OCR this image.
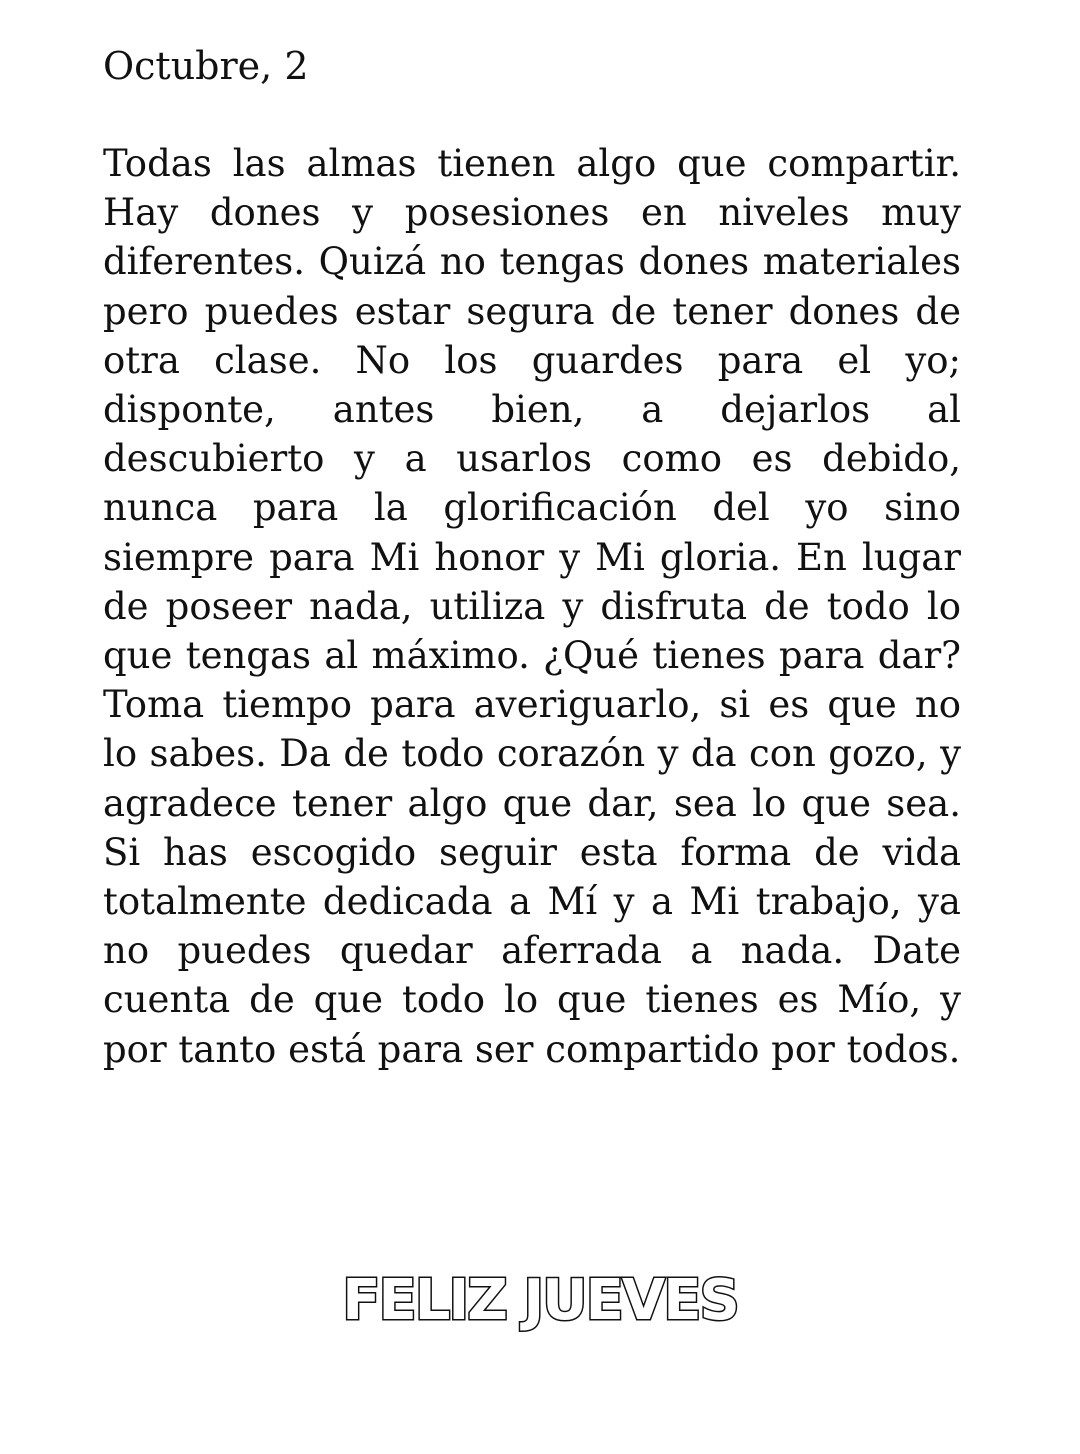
Octubre, 2

Todas las almas tienen algo que compartir. Hay dones y posesiones en niveles muy diferentes. Quizá no tengas dones materiales pero puedes estar segura de tener dones de otra clase. No los guardes para el yo; disponte, antes bien, a dejarlos al descubierto y a usarlos como es debido, nunca para la glorificación del yo sino siempre para Mi honor y Mi gloria. En lugar de poseer nada, utiliza y disfruta de todo lo que tengas al máximo. ¿Qué tienes para dar? Toma tiempo para averiguarlo, si es que no lo sabes. Da de todo corazón y da con gozo, y agradece tener algo que dar, sea lo que sea. Si has escogido seguir esta forma de vida totalmente dedicada a Mí y a Mi trabajo, ya no puedes quedar aferrada a nada. Date cuenta de que todo lo que tienes es Mío, y por tanto está para ser compartido por todos.

FELIZ JUEVES
